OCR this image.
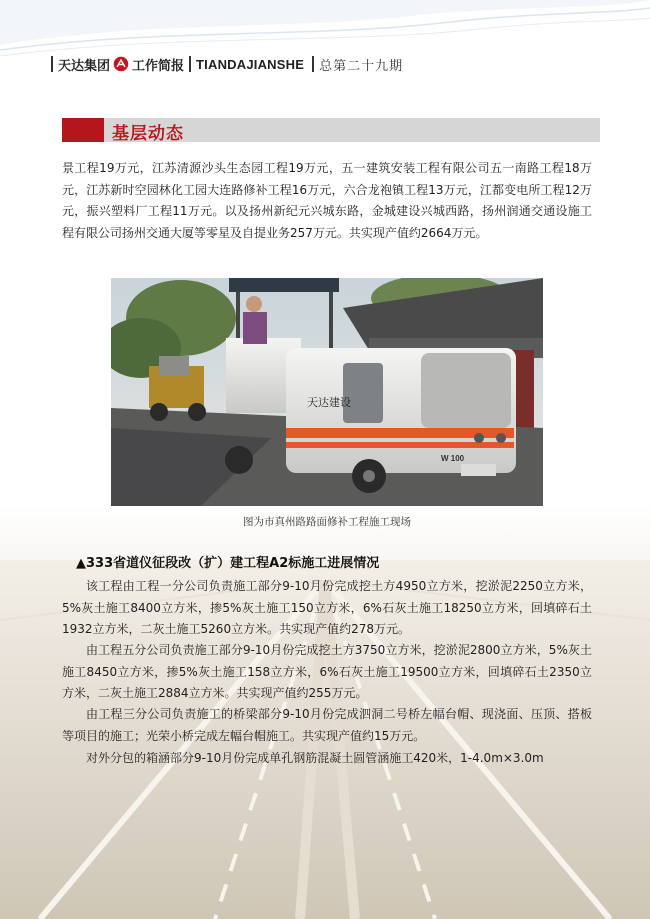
天达集团 工作简报 TIANDAJIANSHE 总第二十九期
基层动态

景工程19万元，江苏清源沙头生态园工程19万元，五一建筑安装工程有限公司五一南路工程18万元，江苏新时空园林化工园大连路修补工程16万元，六合龙袍镇工程13万元，江都变电所工程12万元，振兴塑料厂工程11万元。以及扬州新纪元兴城东路，金城建设兴城西路，扬州润通交通设施工程有限公司扬州交通大厦等零星及自提业务257万元。共实现产值约2664万元。

W 100
天达建设
图为市真州路路面修补工程施工现场
▲333省道仪征段改（扩）建工程A2标施工进展情况

该工程由工程一分公司负责施工部分9-10月份完成挖土方4950立方米，挖淤泥2250立方米，5%灰土施工8400立方米，掺5%灰土施工150立方米，6%石灰土施工18250立方米，回填碎石土1932立方米，二灰土施工5260立方米。共实现产值约278万元。

由工程五分公司负责施工部分9-10月份完成挖土方3750立方米，挖淤泥2800立方米，5%灰土施工8450立方米，掺5%灰土施工158立方米，6%石灰土施工19500立方米，回填碎石土2350立方米，二灰土施工2884立方米。共实现产值约255万元。

由工程三分公司负责施工的桥梁部分9-10月份完成泗洞二号桥左幅台帽、现浇面、压顶、搭板等项目的施工；光荣小桥完成左幅台帽施工。共实现产值约15万元。

对外分包的箱涵部分9-10月份完成单孔钢筋混凝土圆管涵施工420米，1-4.0m×3.0m
